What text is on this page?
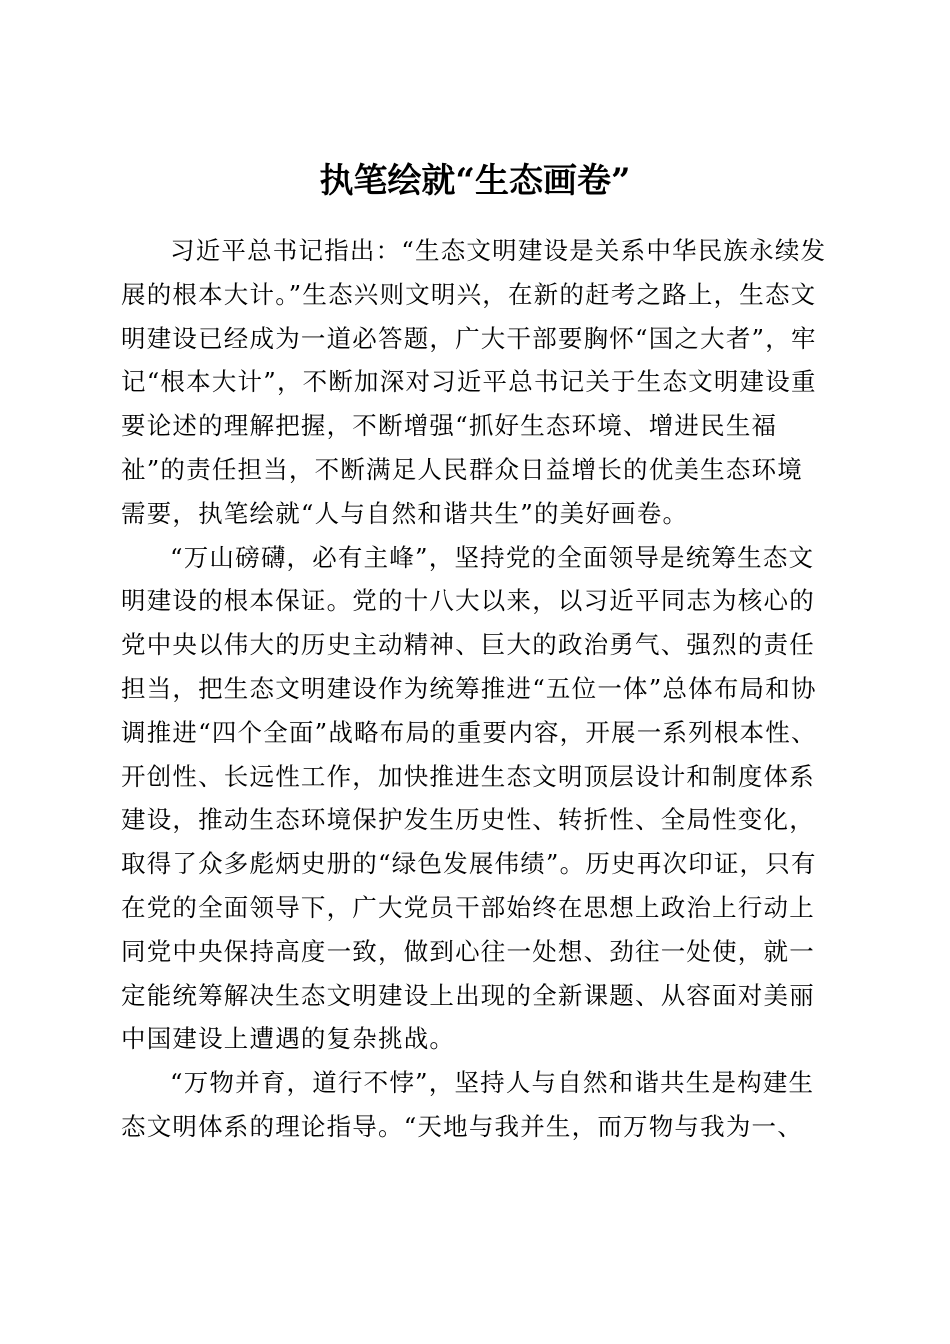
执笔绘就“生态画卷”

习近平总书记指出：“生态文明建设是关系中华民族永续发展的根本大计。”生态兴则文明兴，在新的赶考之路上，生态文明建设已经成为一道必答题，广大干部要胸怀“国之大者”，牢记“根本大计”，不断加深对习近平总书记关于生态文明建设重要论述的理解把握，不断增强“抓好生态环境、增进民生福祉”的责任担当，不断满足人民群众日益增长的优美生态环境需要，执笔绘就“人与自然和谐共生”的美好画卷。

“万山磅礴，必有主峰”，坚持党的全面领导是统筹生态文明建设的根本保证。党的十八大以来，以习近平同志为核心的党中央以伟大的历史主动精神、巨大的政治勇气、强烈的责任担当，把生态文明建设作为统筹推进“五位一体”总体布局和协调推进“四个全面”战略布局的重要内容，开展一系列根本性、开创性、长远性工作，加快推进生态文明顶层设计和制度体系建设，推动生态环境保护发生历史性、转折性、全局性变化，取得了众多彪炳史册的“绿色发展伟绩”。历史再次印证，只有在党的全面领导下，广大党员干部始终在思想上政治上行动上同党中央保持高度一致，做到心往一处想、劲往一处使，就一定能统筹解决生态文明建设上出现的全新课题、从容面对美丽中国建设上遭遇的复杂挑战。

“万物并育，道行不悖”，坚持人与自然和谐共生是构建生态文明体系的理论指导。“天地与我并生，而万物与我为一、
